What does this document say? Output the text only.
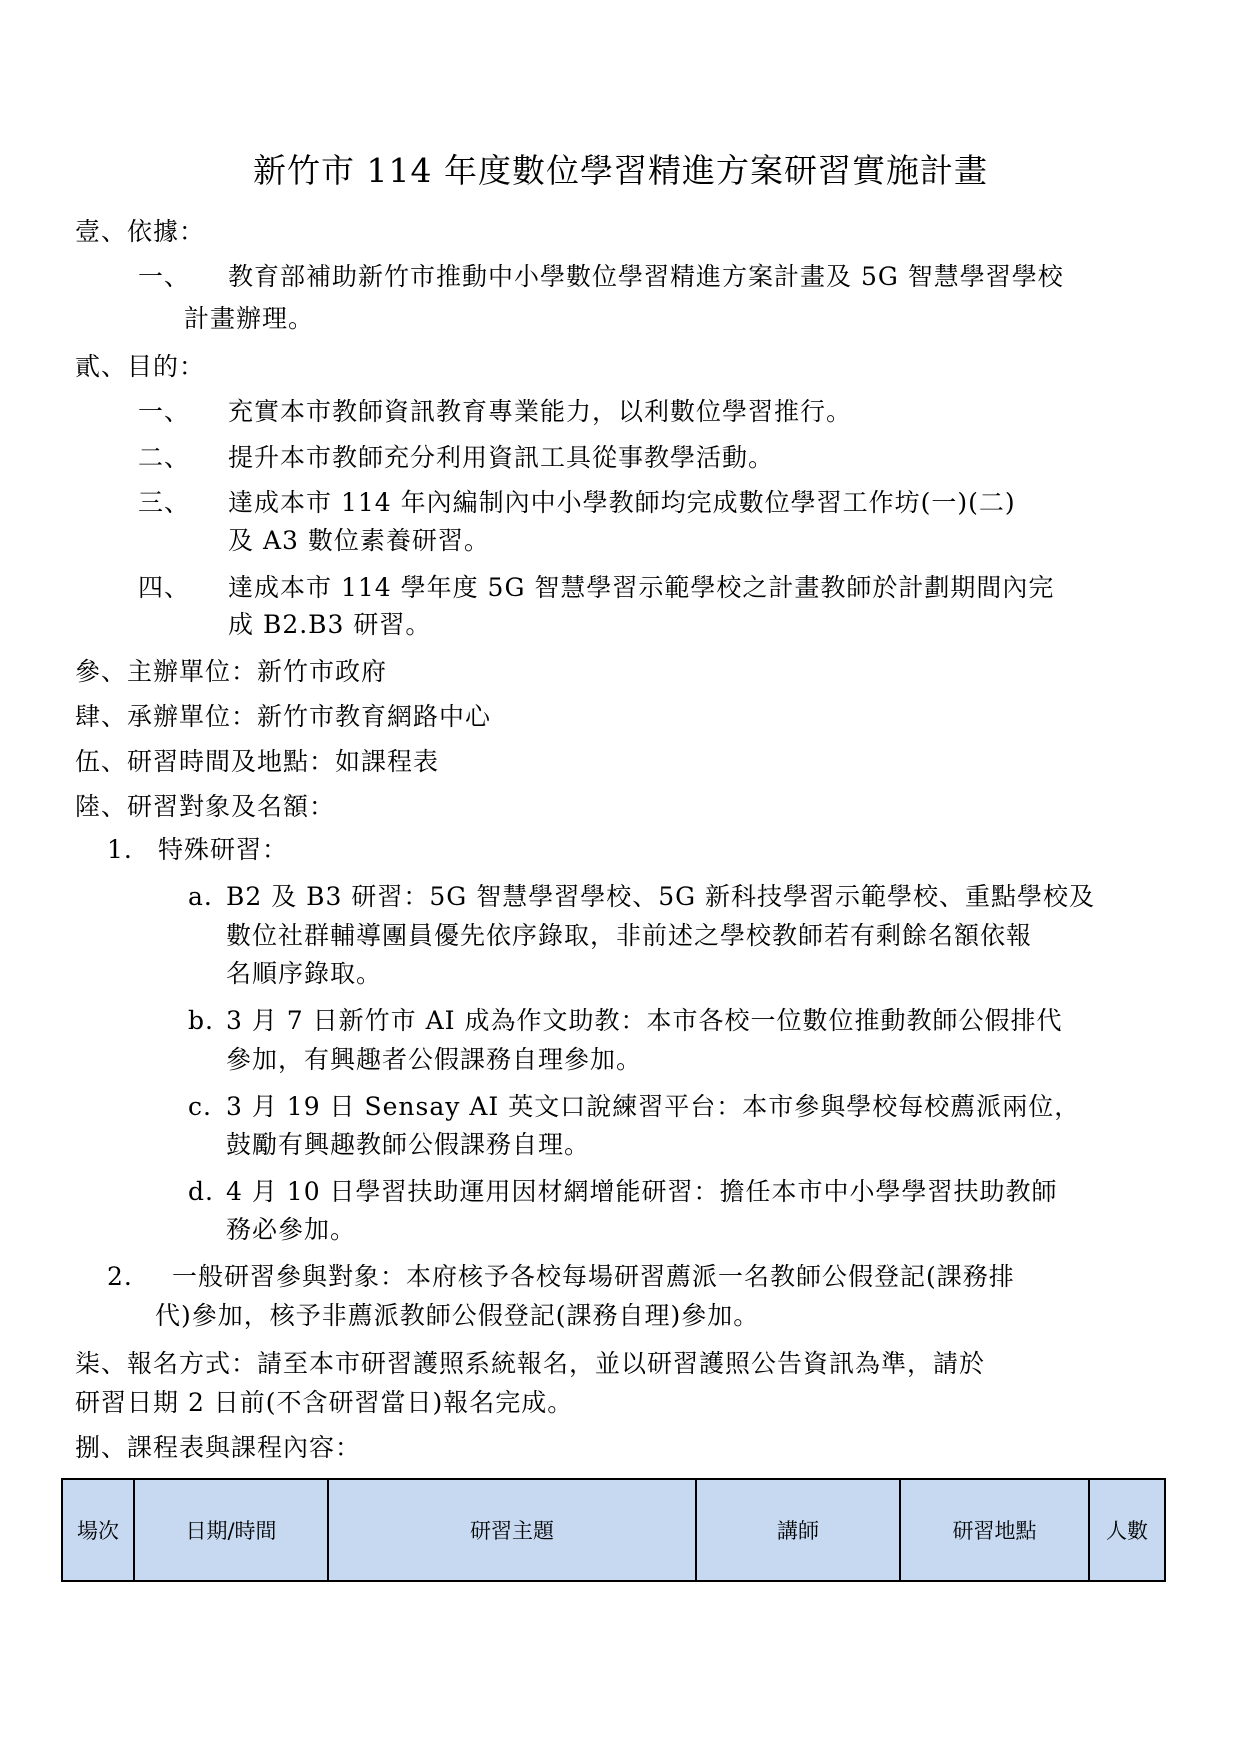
新竹市 114 年度數位學習精進方案研習實施計畫
壹、依據：
一、 教育部補助新竹市推動中小學數位學習精進方案計畫及 5G 智慧學習學校
計畫辦理。
貳、目的：
一、 充實本市教師資訊教育專業能力，以利數位學習推行。
二、 提升本市教師充分利用資訊工具從事教學活動。
三、 達成本市 114 年內編制內中小學教師均完成數位學習工作坊(一)(二)
及 A3 數位素養研習。
四、 達成本市 114 學年度 5G 智慧學習示範學校之計畫教師於計劃期間內完
成 B2.B3 研習。
參、主辦單位：新竹市政府
肆、承辦單位：新竹市教育網路中心
伍、研習時間及地點：如課程表
陸、研習對象及名額：
1. 特殊研習：
a. B2 及 B3 研習：5G 智慧學習學校、5G 新科技學習示範學校、重點學校及
數位社群輔導團員優先依序錄取，非前述之學校教師若有剩餘名額依報
名順序錄取。
b. 3 月 7 日新竹市 AI 成為作文助教：本市各校一位數位推動教師公假排代
參加，有興趣者公假課務自理參加。
c. 3 月 19 日 Sensay AI 英文口說練習平台：本市參與學校每校薦派兩位，
鼓勵有興趣教師公假課務自理。
d. 4 月 10 日學習扶助運用因材網增能研習：擔任本市中小學學習扶助教師
務必參加。
2. 一般研習參與對象：本府核予各校每場研習薦派一名教師公假登記(課務排
代)參加，核予非薦派教師公假登記(課務自理)參加。
柒、報名方式：請至本市研習護照系統報名，並以研習護照公告資訊為準，請於
研習日期 2 日前(不含研習當日)報名完成。
捌、課程表與課程內容：
場次	日期/時間	研習主題	講師	研習地點	人數
